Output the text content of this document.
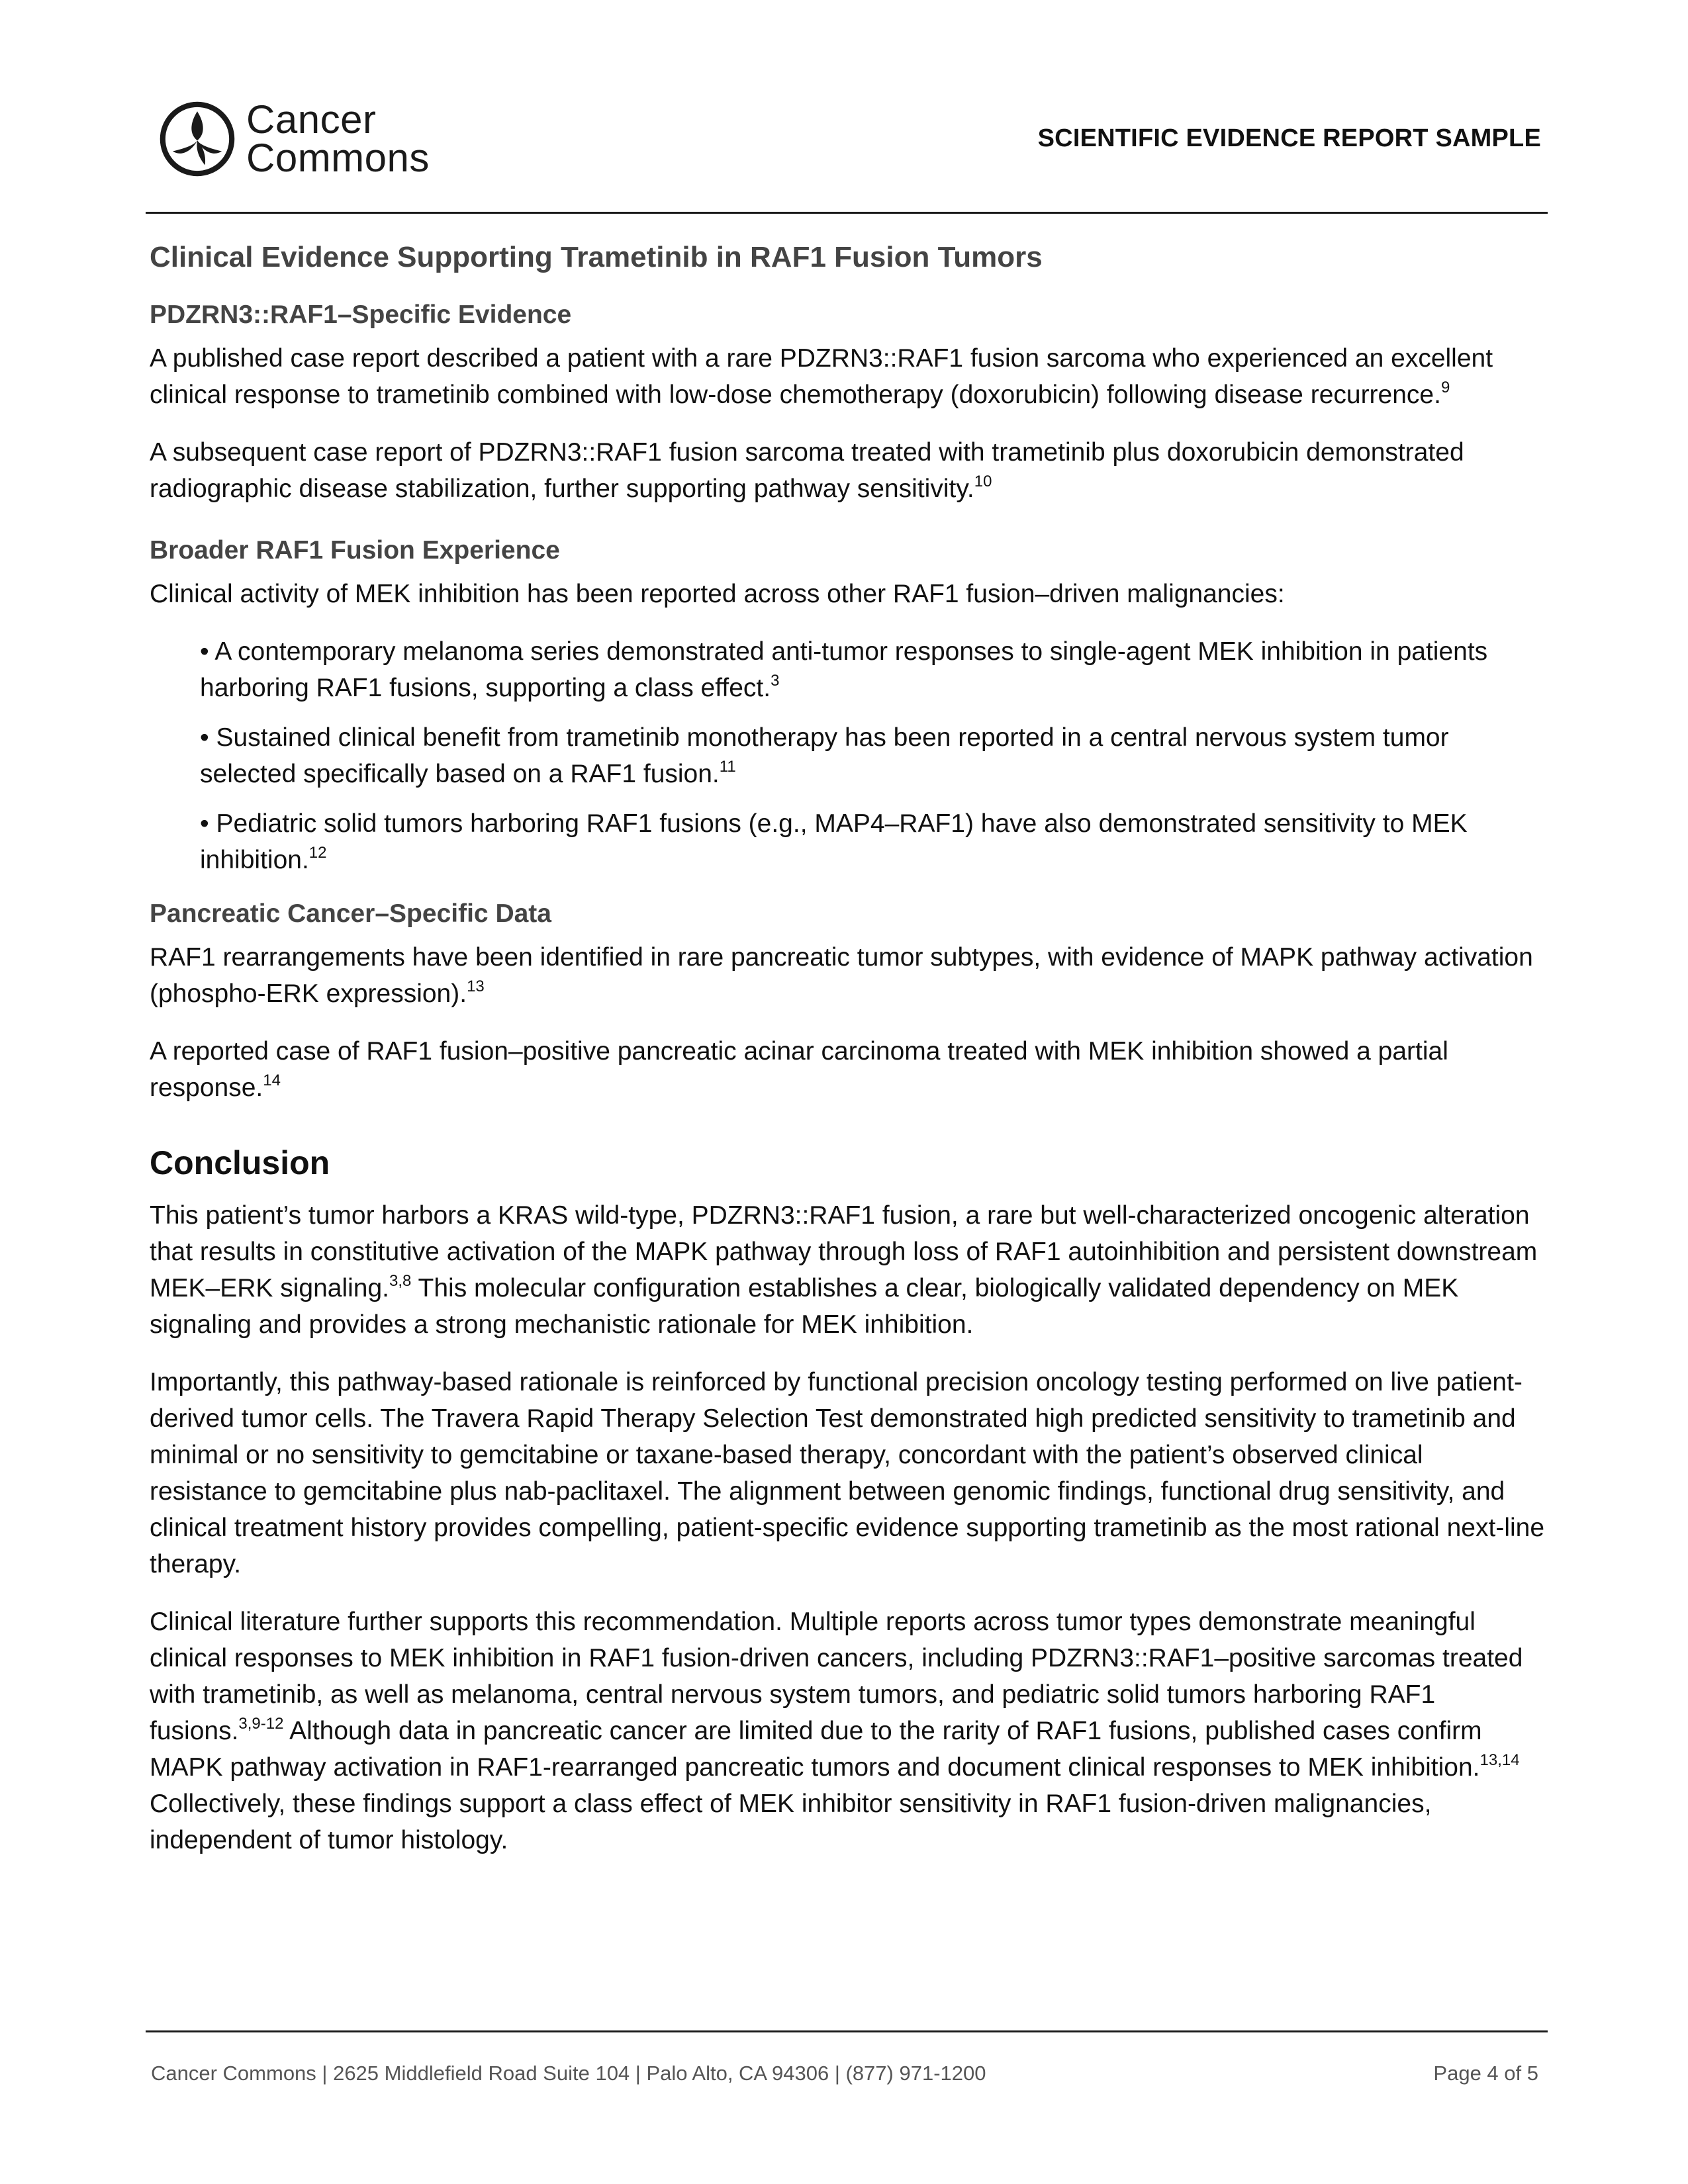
Cancer
Commons	SCIENTIFIC EVIDENCE REPORT SAMPLE
Clinical Evidence Supporting Trametinib in RAF1 Fusion Tumors
PDZRN3::RAF1–Specific Evidence

A published case report described a patient with a rare PDZRN3::RAF1 fusion sarcoma who experienced an excellent clinical response to trametinib combined with low-dose chemotherapy (doxorubicin) following disease recurrence.$^9$

A subsequent case report of PDZRN3::RAF1 fusion sarcoma treated with trametinib plus doxorubicin demonstrated radiographic disease stabilization, further supporting pathway sensitivity.$^{10}$

Broader RAF1 Fusion Experience

Clinical activity of MEK inhibition has been reported across other RAF1 fusion–driven malignancies:

• A contemporary melanoma series demonstrated anti-tumor responses to single-agent MEK inhibition in patients harboring RAF1 fusions, supporting a class effect.$^3$
• Sustained clinical benefit from trametinib monotherapy has been reported in a central nervous system tumor selected specifically based on a RAF1 fusion.$^{11}$
• Pediatric solid tumors harboring RAF1 fusions (e.g., MAP4–RAF1) have also demonstrated sensitivity to MEK inhibition.$^{12}$
Pancreatic Cancer–Specific Data

RAF1 rearrangements have been identified in rare pancreatic tumor subtypes, with evidence of MAPK pathway activation (phospho-ERK expression).$^{13}$

A reported case of RAF1 fusion–positive pancreatic acinar carcinoma treated with MEK inhibition showed a partial response.$^{14}$

Conclusion

This patient’s tumor harbors a KRAS wild-type, PDZRN3::RAF1 fusion, a rare but well-characterized oncogenic alteration that results in constitutive activation of the MAPK pathway through loss of RAF1 autoinhibition and persistent downstream MEK–ERK signaling.$^{3,8}$ This molecular configuration establishes a clear, biologically validated dependency on MEK signaling and provides a strong mechanistic rationale for MEK inhibition.

Importantly, this pathway-based rationale is reinforced by functional precision oncology testing performed on live patient-derived tumor cells. The Travera Rapid Therapy Selection Test demonstrated high predicted sensitivity to trametinib and minimal or no sensitivity to gemcitabine or taxane-based therapy, concordant with the patient’s observed clinical resistance to gemcitabine plus nab-paclitaxel. The alignment between genomic findings, functional drug sensitivity, and clinical treatment history provides compelling, patient-specific evidence supporting trametinib as the most rational next-line therapy.

Clinical literature further supports this recommendation. Multiple reports across tumor types demonstrate meaningful clinical responses to MEK inhibition in RAF1 fusion-driven cancers, including PDZRN3::RAF1–positive sarcomas treated with trametinib, as well as melanoma, central nervous system tumors, and pediatric solid tumors harboring RAF1 fusions.$^{3,9-12}$ Although data in pancreatic cancer are limited due to the rarity of RAF1 fusions, published cases confirm MAPK pathway activation in RAF1-rearranged pancreatic tumors and document clinical responses to MEK inhibition.$^{13,14}$ Collectively, these findings support a class effect of MEK inhibitor sensitivity in RAF1 fusion-driven malignancies, independent of tumor histology.

Cancer Commons | 2625 Middlefield Road Suite 104 | Palo Alto, CA 94306 | (877) 971-1200	Page 4 of 5
